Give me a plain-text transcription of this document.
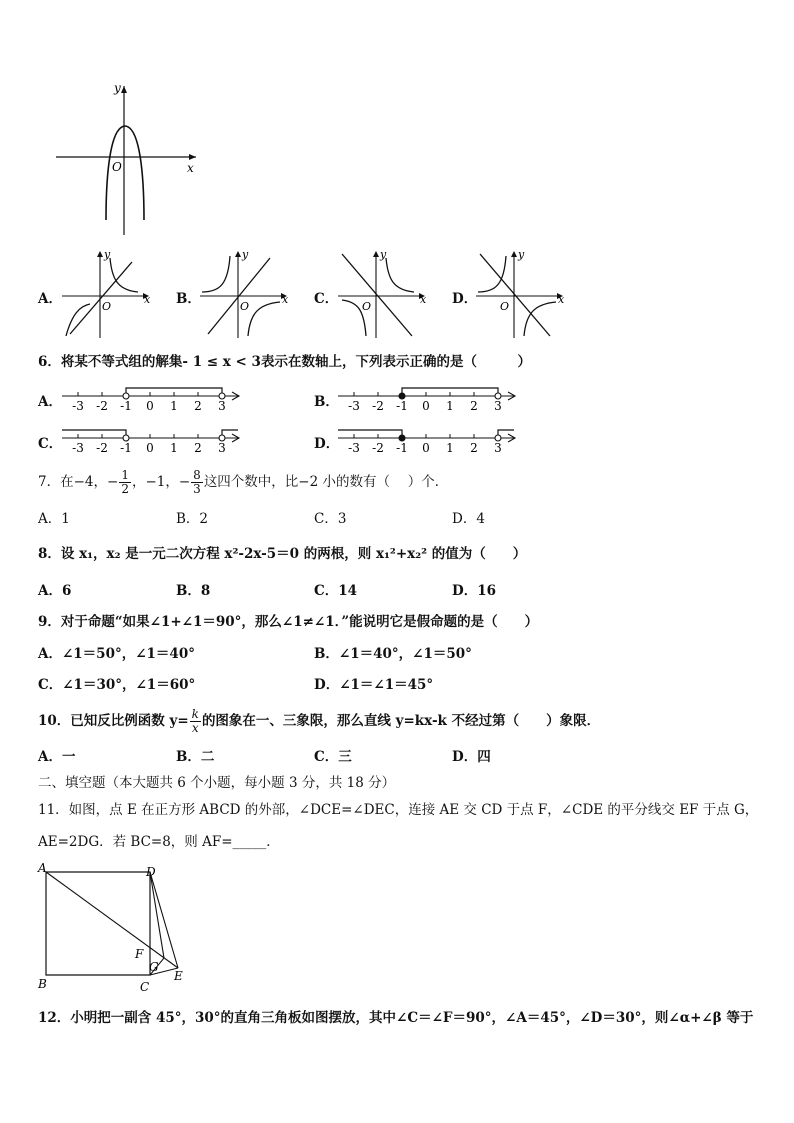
y
x
O
A．
y
x
O	B．
y
x
O	C．
y
x
O	D．
y
x
O
6．将某不等式组的解集- 1 ≤ x < 3表示在数轴上，下列表示正确的是（　　　）
A． -3 -2 -1 0 1 2 3	B． -3 -2 -1 0 1 2 3
C． -3 -2 -1 0 1 2 3	D． -3 -2 -1 0 1 2 3
7．在−4，− $\frac{1}{2}$ ，−1，− $\frac{8}{3}$ 这四个数中，比−2 小的数有（　 ）个．
A．1	B．2	C．3	D．4
8．设 x₁，x₂ 是一元二次方程 x²-2x-5＝0 的两根，则 x₁²+x₂² 的值为（　　）
A．6	B．8	C．14	D．16
9．对于命题“如果∠1+∠1＝90°，那么∠1≠∠1．”能说明它是假命题的是（　　）
A．∠1＝50°，∠1＝40°	B．∠1＝40°，∠1＝50°
C．∠1＝30°，∠1＝60°	D．∠1＝∠1＝45°
10．已知反比例函数 $y= \frac{k}{x}$ 的图象在一、三象限，那么直线 y=kx-k 不经过第（　　）象限．
A．一	B．二	C．三	D．四
二、填空题（本大题共 6 个小题，每小题 3 分，共 18 分）
11．如图，点 E 在正方形 ABCD 的外部，∠DCE=∠DEC，连接 AE 交 CD 于点 F，∠CDE 的平分线交 EF 于点 G，
AE=2DG．若 BC=8，则 AF=_____．
A	D
B	C
F
G
E
12．小明把一副含 45°，30°的直角三角板如图摆放，其中∠C＝∠F＝90°，∠A＝45°，∠D＝30°，则∠α+∠β 等于
